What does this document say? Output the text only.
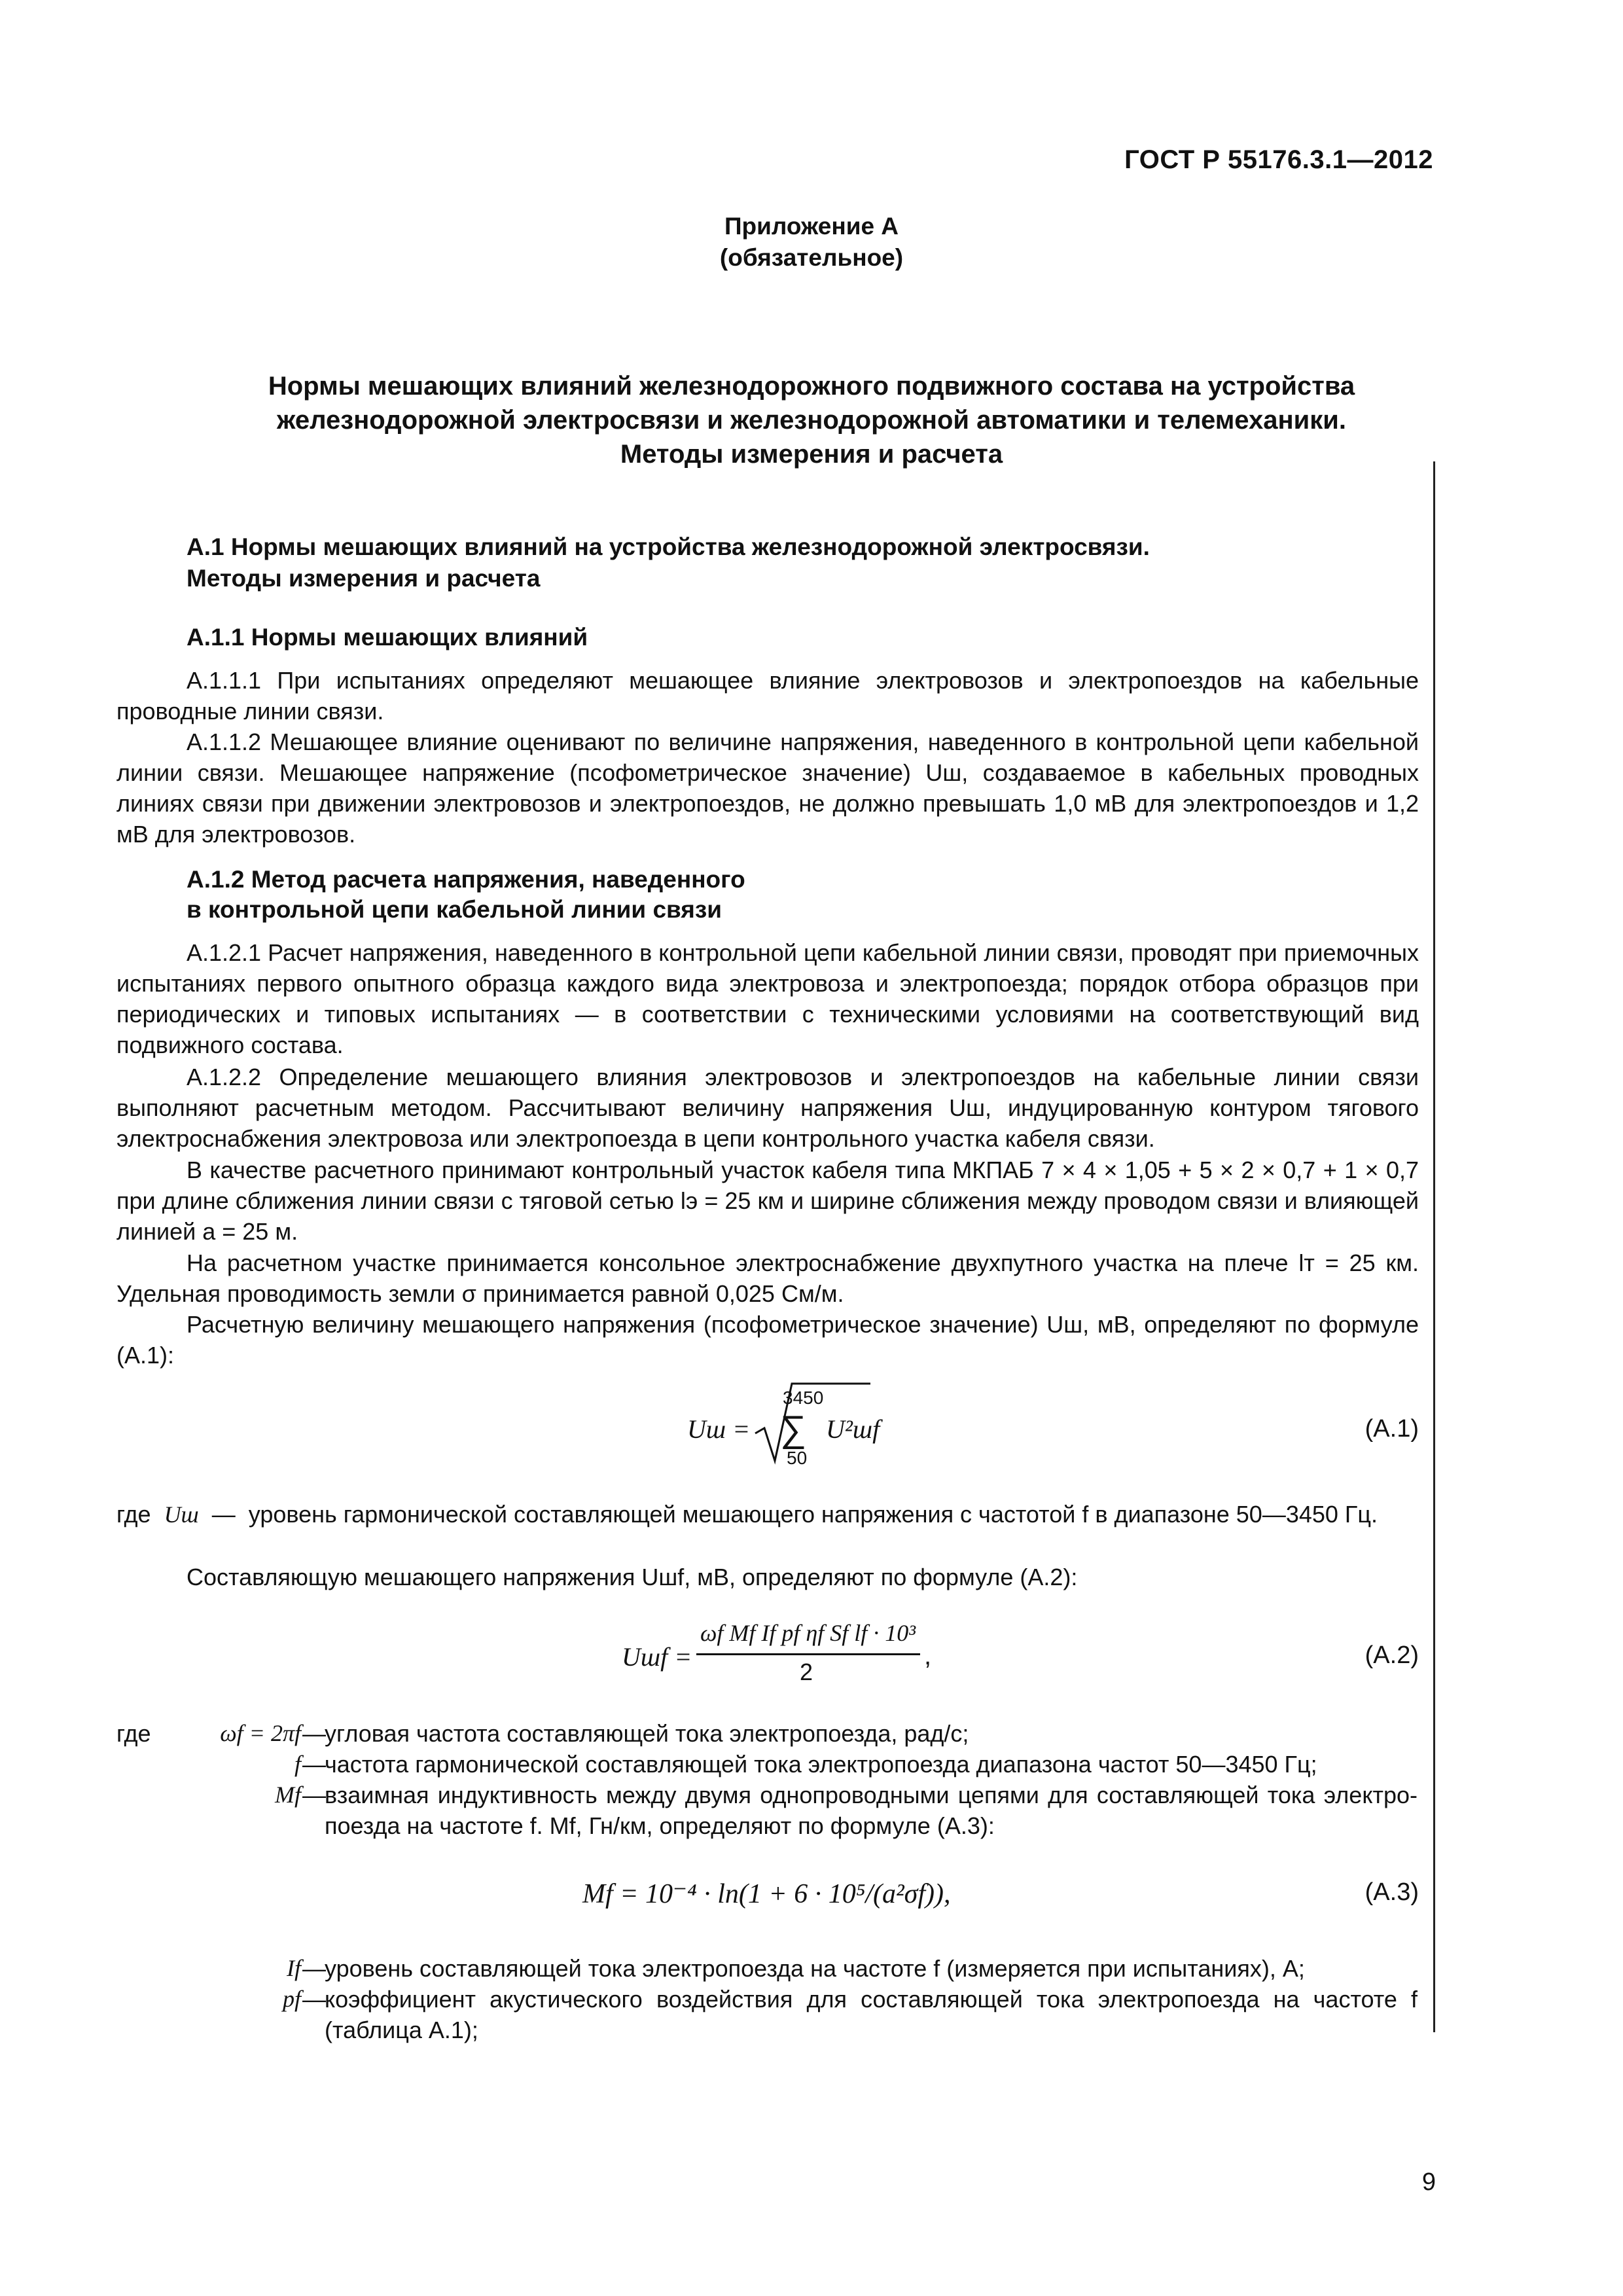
ГОСТ Р 55176.3.1—2012
Приложение А
(обязательное)
Нормы мешающих влияний железнодорожного подвижного состава на устройства
железнодорожной электросвязи и железнодорожной автоматики и телемеханики.
Методы измерения и расчета
А.1 Нормы мешающих влияний на устройства железнодорожной электросвязи.
Методы измерения и расчета
А.1.1 Нормы мешающих влияний
А.1.1.1 При испытаниях определяют мешающее влияние электровозов и электропоездов на кабельные проводные линии связи.
А.1.1.2 Мешающее влияние оценивают по величине напряжения, наведенного в контрольной цепи кабельной линии связи. Мешающее напряжение (псофометрическое значение) Uш, создаваемое в кабельных проводных линиях связи при движении электровозов и электропоездов, не должно превышать 1,0 мВ для электропоездов и 1,2 мВ для электровозов.
А.1.2 Метод расчета напряжения, наведенного
в контрольной цепи кабельной линии связи
А.1.2.1 Расчет напряжения, наведенного в контрольной цепи кабельной линии связи, проводят при приемочных испытаниях первого опытного образца каждого вида электровоза и электропоезда; порядок отбора образцов при периодических и типовых испытаниях — в соответствии с техническими условиями на соответствующий вид подвижного состава.
А.1.2.2 Определение мешающего влияния электровозов и электропоездов на кабельные линии связи выполняют расчетным методом. Рассчитывают величину напряжения Uш, индуцированную контуром тягового электроснабжения электровоза или электропоезда в цепи контрольного участка кабеля связи.
В качестве расчетного принимают контрольный участок кабеля типа МКПАБ 7 × 4 × 1,05 + 5 × 2 × 0,7 + 1 × 0,7 при длине сближения линии связи с тяговой сетью lэ = 25 км и ширине сближения между проводом связи и влияющей линией a = 25 м.
На расчетном участке принимается консольное электроснабжение двухпутного участка на плече lт = 25 км. Удельная проводимость земли σ принимается равной 0,025 См/м.
Расчетную величину мешающего напряжения (псофометрическое значение) Uш, мВ, определяют по формуле (А.1):
Uш =
3450
∑
50
U²шf	(А.1)
где Uш — уровень гармонической составляющей мешающего напряжения с частотой f в диапазоне 50—3450 Гц.
Составляющую мешающего напряжения Uшf, мВ, определяют по формуле (А.2):
Uшf =
ωf Mf If pf ηf Sf lf · 10³
2
,	(А.2)
где	ωf = 2πf —
угловая частота составляющей тока электропоезда, рад/с;
f —
частота гармонической составляющей тока электропоезда диапазона частот 50—3450 Гц;
Mf —
взаимная индуктивность между двумя однопроводными цепями для составляющей тока электро-
поезда на частоте f. Mf, Гн/км, определяют по формуле (А.3):
Mf = 10⁻⁴ · ln(1 + 6 · 10⁵/(a²σf)),	(А.3)
If —
уровень составляющей тока электропоезда на частоте f (измеряется при испытаниях), А;
pf —
коэффициент акустического воздействия для составляющей тока электропоезда на частоте f
(таблица А.1);
9
